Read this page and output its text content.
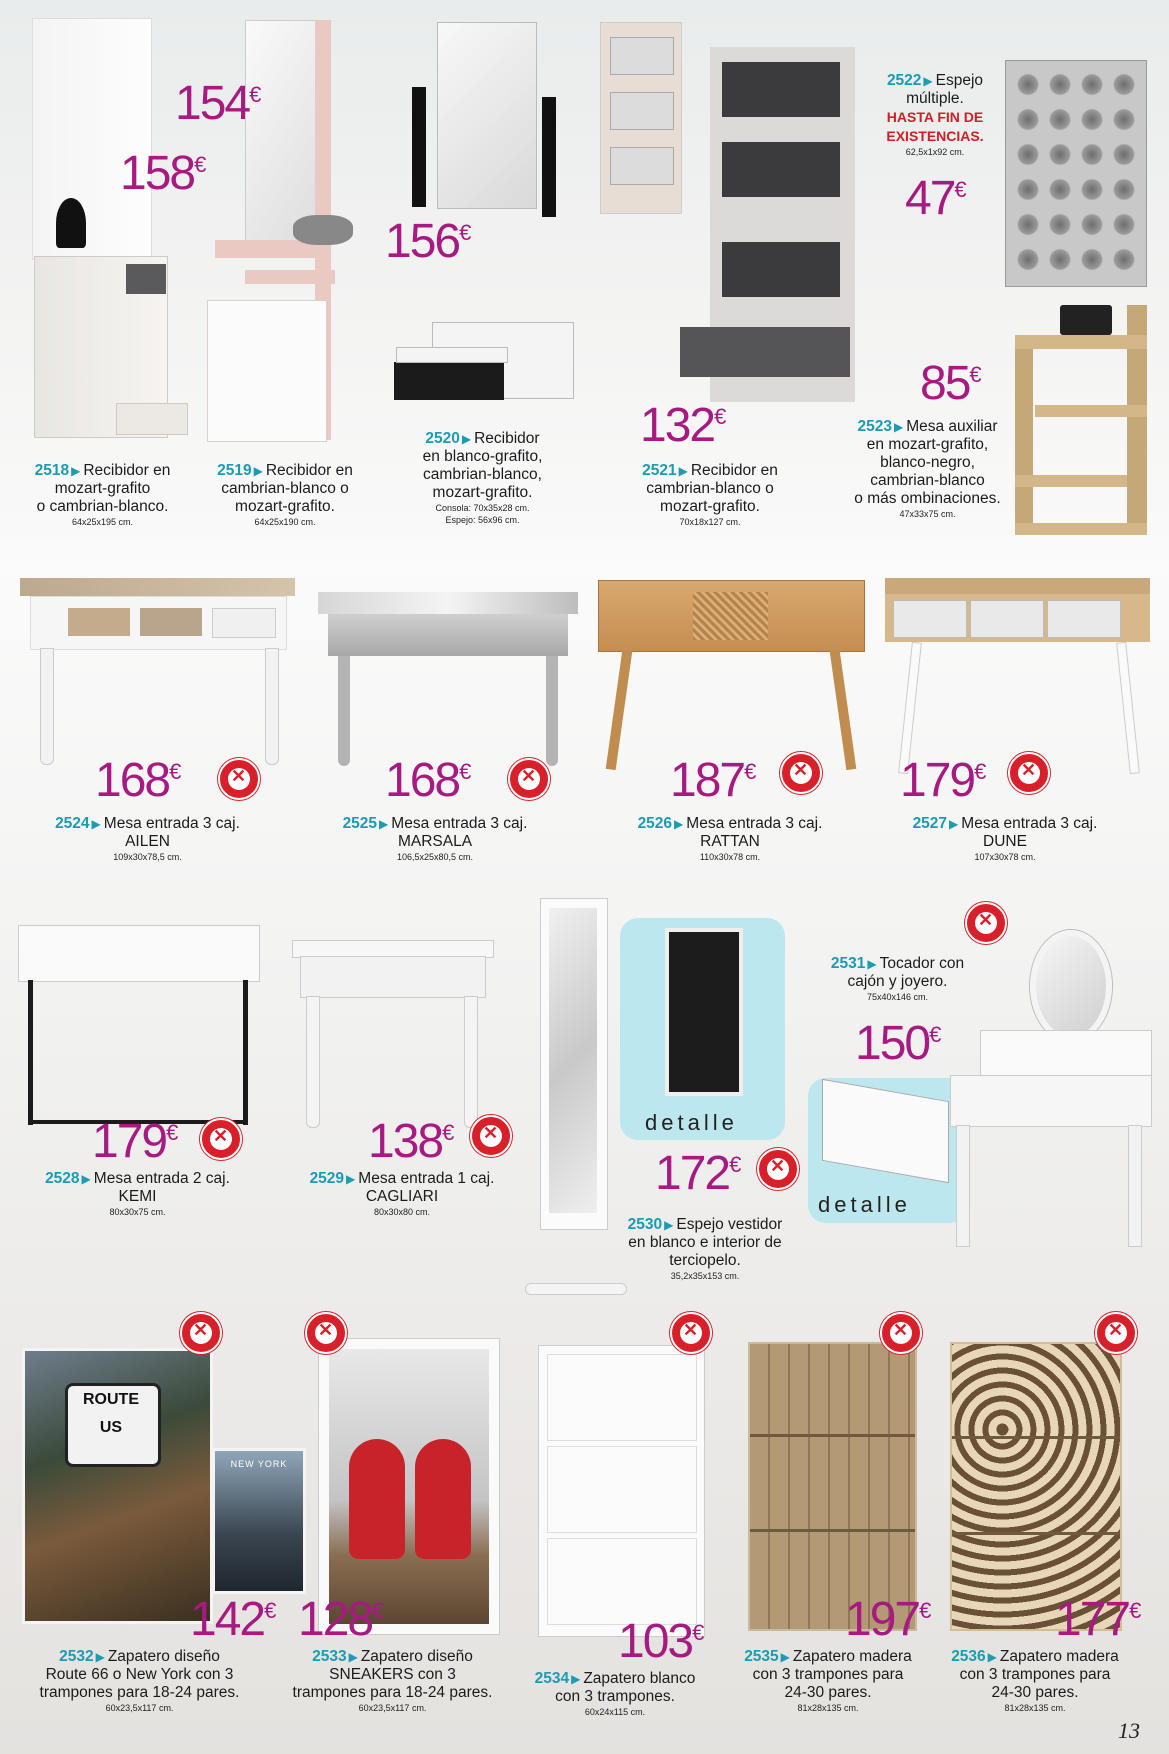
154€
158€
156€
132€
47€
85€
2518 ▶ Recibidor en
mozart-grafito
o cambrian-blanco.
64x25x195 cm.
2519 ▶ Recibidor en
cambrian-blanco o
mozart-grafito.
64x25x190 cm.
2520 ▶ Recibidor
en blanco-grafito,
cambrian-blanco,
mozart-grafito.
Consola: 70x35x28 cm.
Espejo: 56x96 cm.
2521 ▶ Recibidor en
cambrian-blanco o
mozart-grafito.
70x18x127 cm.
2522 ▶ Espejo
múltiple.
HASTA FIN DE
EXISTENCIAS.
62,5x1x92 cm.
2523 ▶ Mesa auxiliar
en mozart-grafito,
blanco-negro,
cambrian-blanco
o más ombinaciones.
47x33x75 cm.
168€ ✕	168€ ✕	187€ ✕	179€
✕
2524 ▶ Mesa entrada 3 caj.
AILEN
109x30x78,5 cm.
2525 ▶ Mesa entrada 3 caj.
MARSALA
106,5x25x80,5 cm.
2526 ▶ Mesa entrada 3 caj.
RATTAN
110x30x78 cm.
2527 ▶ Mesa entrada 3 caj.
DUNE
107x30x78 cm.
detalle
detalle
179€ ✕	138€
✕
172€
✕
150€
✕
2528 ▶ Mesa entrada 2 caj.
KEMI
80x30x75 cm.
2529 ▶ Mesa entrada 1 caj.
CAGLIARI
80x30x80 cm.
2530 ▶ Espejo vestidor
en blanco e interior de
terciopelo.
35,2x35x153 cm.
2531 ▶ Tocador con
cajón y joyero.
75x40x146 cm.
ROUTE
US
NEW YORK
✕
✕
✕
✕
✕
142€ 128€
103€	197€	177€
2532 ▶ Zapatero diseño
Route 66 o New York con 3
trampones para 18-24 pares.
60x23,5x117 cm.
2533 ▶ Zapatero diseño
SNEAKERS con 3
trampones para 18-24 pares.
60x23,5x117 cm.
2534 ▶ Zapatero blanco
con 3 trampones.
60x24x115 cm.
2535 ▶ Zapatero madera
con 3 trampones para
24-30 pares.
81x28x135 cm.
2536 ▶ Zapatero madera
con 3 trampones para
24-30 pares.
81x28x135 cm.
13
